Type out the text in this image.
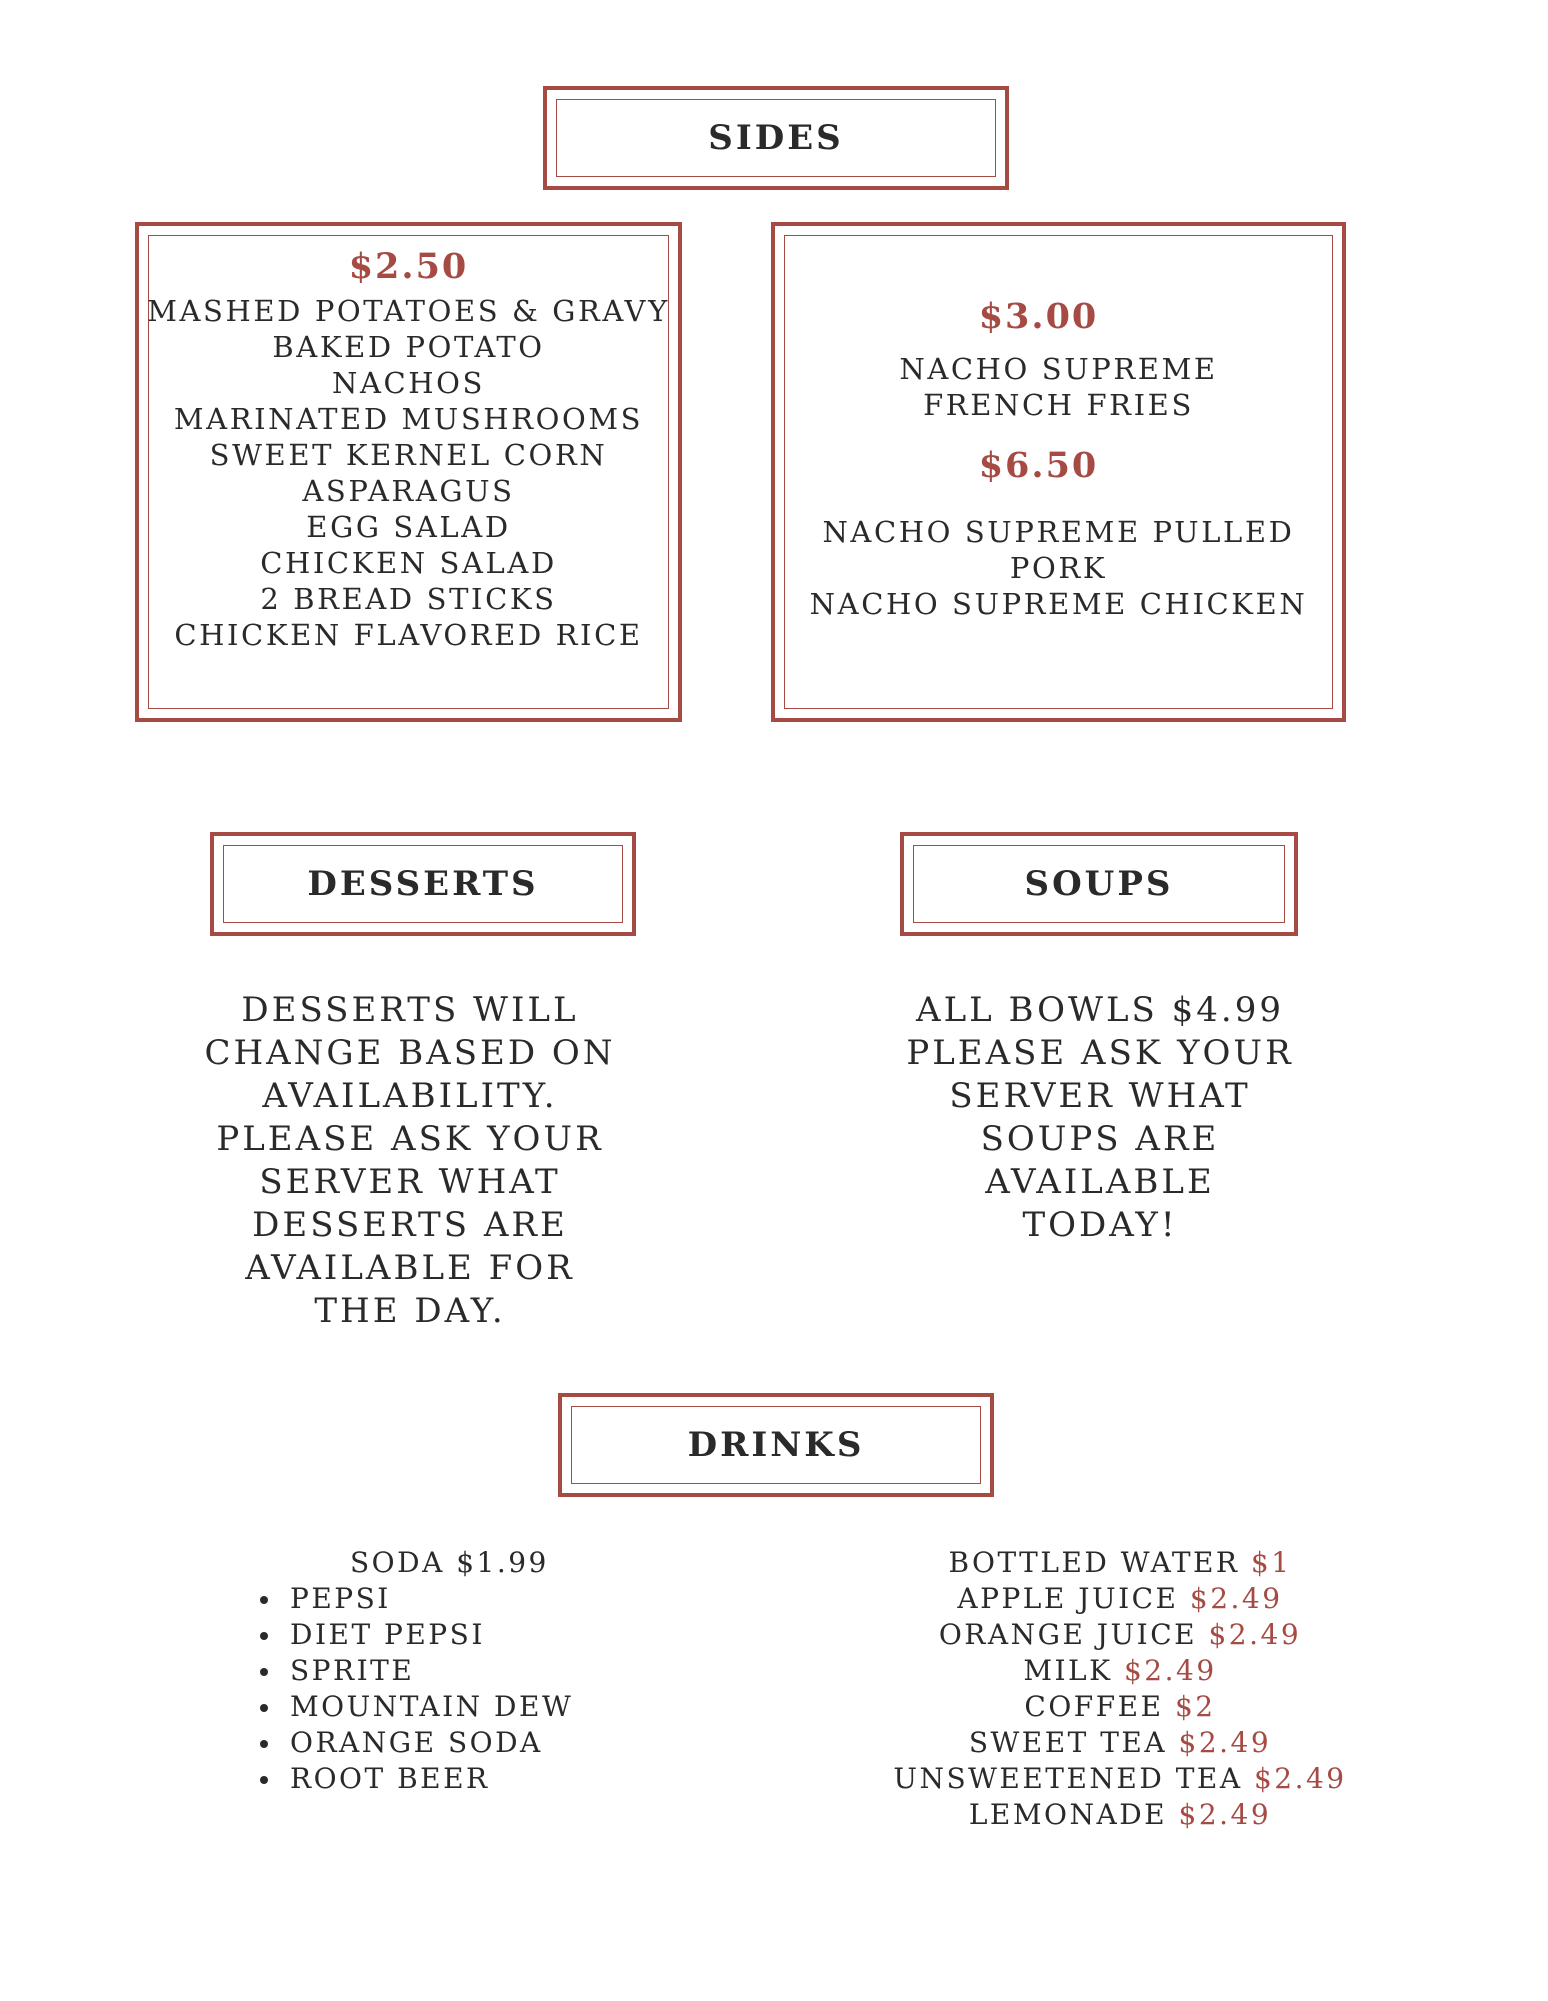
SIDES
$2.50
MASHED POTATOES & GRAVY
BAKED POTATO
NACHOS
MARINATED MUSHROOMS
SWEET KERNEL CORN
ASPARAGUS
EGG SALAD
CHICKEN SALAD
2 BREAD STICKS
CHICKEN FLAVORED RICE
$3.00
NACHO SUPREME
FRENCH FRIES
$6.50
NACHO SUPREME PULLED
PORK
NACHO SUPREME CHICKEN
DESSERTS	SOUPS
DESSERTS WILL
CHANGE BASED ON
AVAILABILITY.
PLEASE ASK YOUR
SERVER WHAT
DESSERTS ARE
AVAILABLE FOR
THE DAY.
ALL BOWLS $4.99
PLEASE ASK YOUR
SERVER WHAT
SOUPS ARE
AVAILABLE
TODAY!
DRINKS
SODA $1.99
PEPSI
DIET PEPSI
SPRITE
MOUNTAIN DEW
ORANGE SODA
ROOT BEER
BOTTLED WATER $1
APPLE JUICE $2.49
ORANGE JUICE $2.49
MILK $2.49
COFFEE $2
SWEET TEA $2.49
UNSWEETENED TEA $2.49
LEMONADE $2.49
